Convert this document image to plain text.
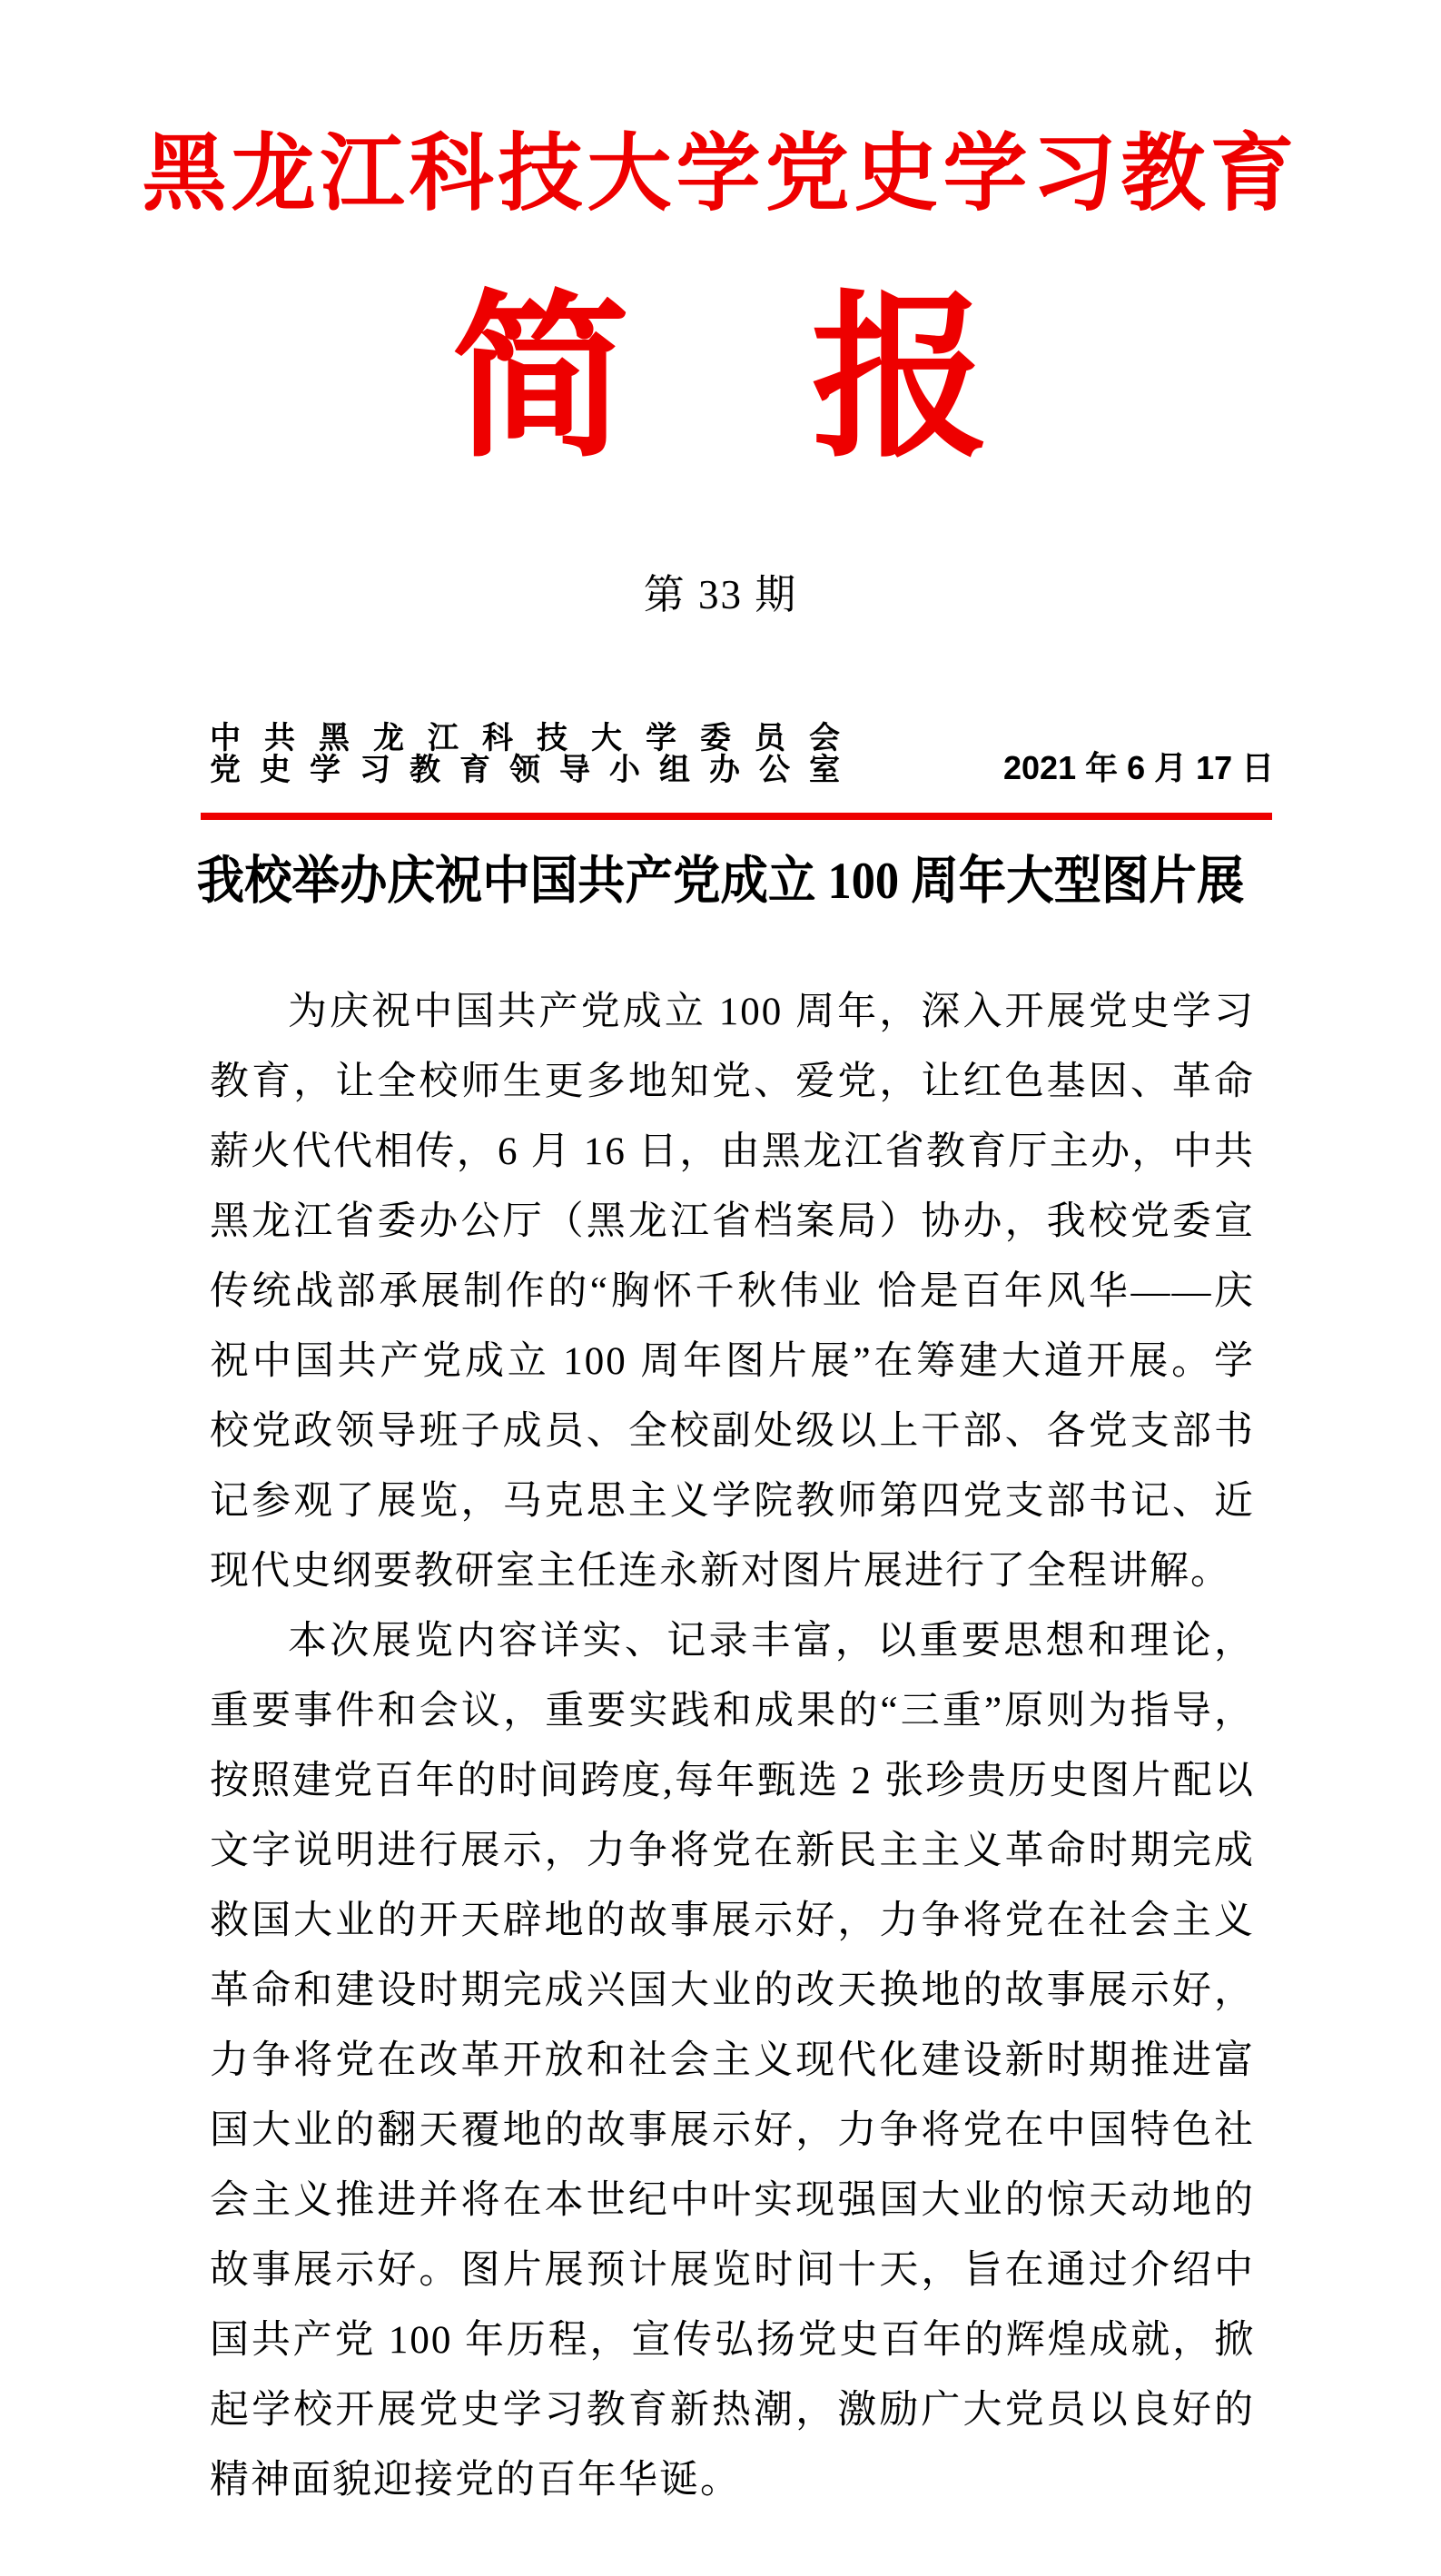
黑龙江科技大学党史学习教育
简 报
第 33 期
中共黑龙江科技大学委员会
党史学习教育领导小组办公室	2021 年 6 月 17 日
我校举办庆祝中国共产党成立 100 周年大型图片展

为庆祝中国共产党成立 100 周年，深入开展党史学习教育，让全校师生更多地知党、爱党，让红色基因、革命薪火代代相传，6 月 16 日，由黑龙江省教育厅主办，中共黑龙江省委办公厅（黑龙江省档案局）协办，我校党委宣传统战部承展制作的“胸怀千秋伟业 恰是百年风华——庆祝中国共产党成立 100 周年图片展”在筹建大道开展。学校党政领导班子成员、全校副处级以上干部、各党支部书记参观了展览，马克思主义学院教师第四党支部书记、近现代史纲要教研室主任连永新对图片展进行了全程讲解。

本次展览内容详实、记录丰富，以重要思想和理论，重要事件和会议，重要实践和成果的“三重”原则为指导，按照建党百年的时间跨度,每年甄选 2 张珍贵历史图片配以文字说明进行展示，力争将党在新民主主义革命时期完成救国大业的开天辟地的故事展示好，力争将党在社会主义革命和建设时期完成兴国大业的改天换地的故事展示好，力争将党在改革开放和社会主义现代化建设新时期推进富国大业的翻天覆地的故事展示好，力争将党在中国特色社会主义推进并将在本世纪中叶实现强国大业的惊天动地的故事展示好。图片展预计展览时间十天，旨在通过介绍中国共产党 100 年历程，宣传弘扬党史百年的辉煌成就，掀起学校开展党史学习教育新热潮，激励广大党员以良好的精神面貌迎接党的百年华诞。
